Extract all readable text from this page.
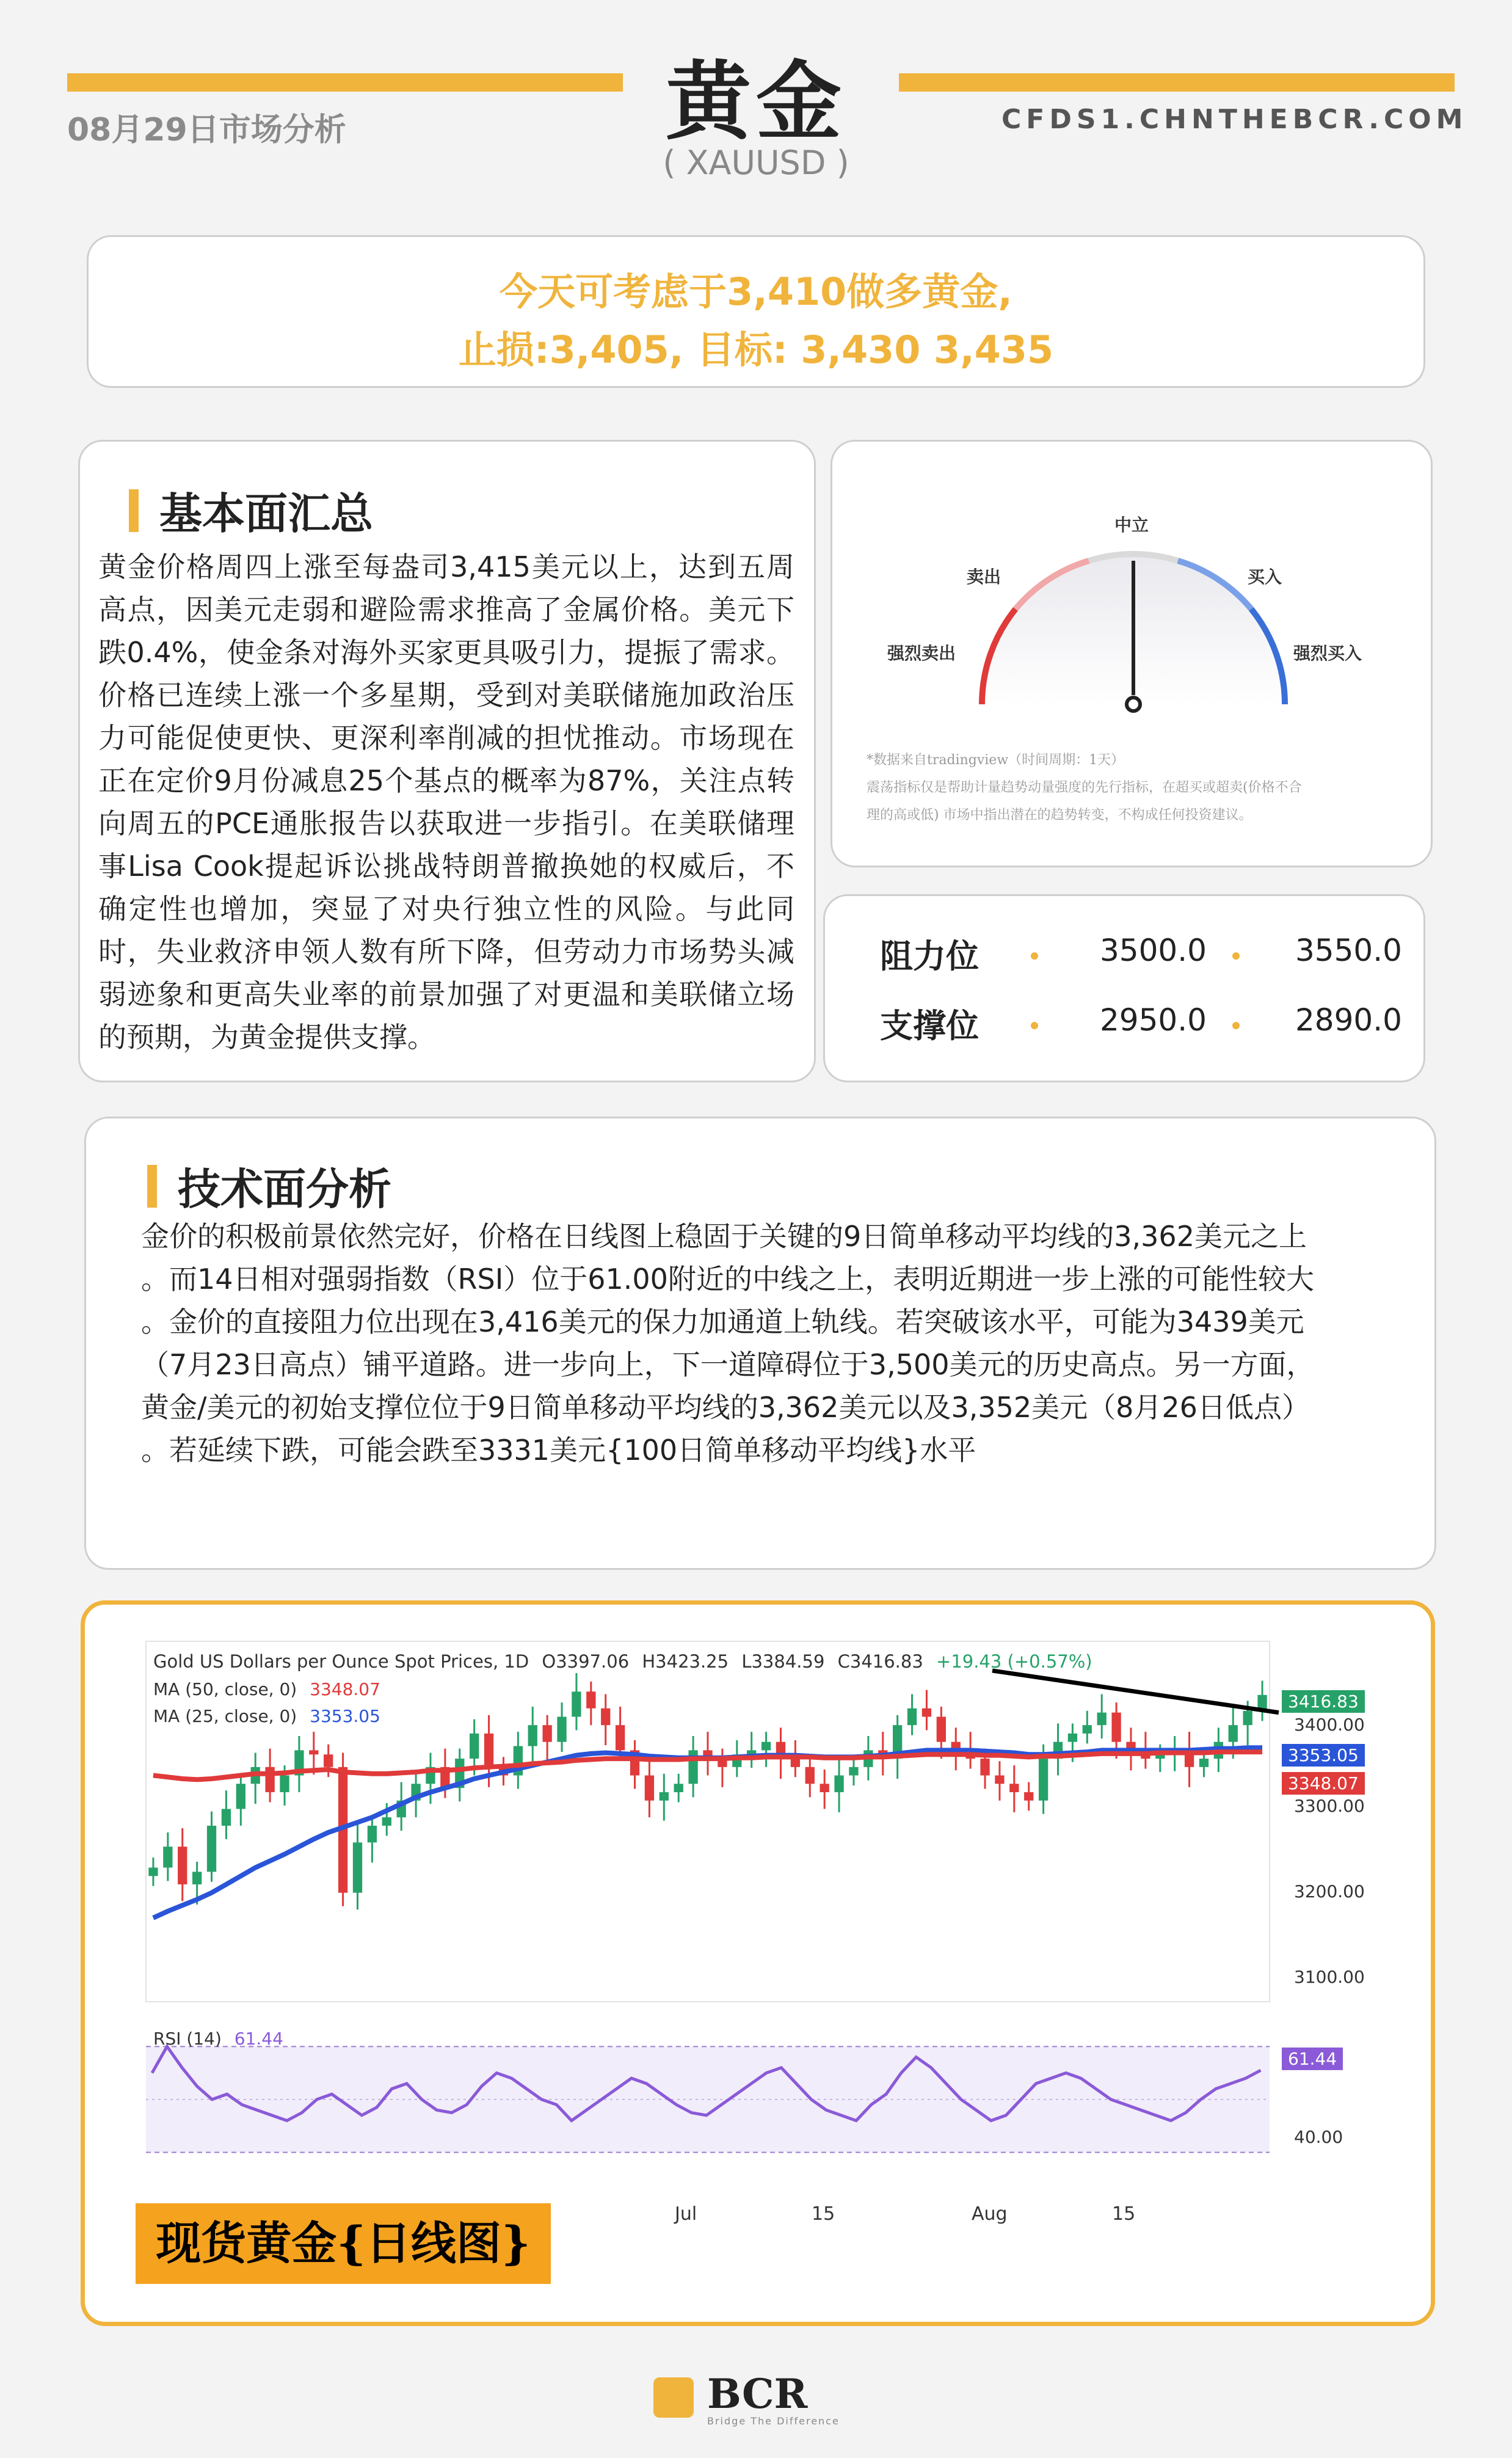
08月29日市场分析	黄金
( XAUUSD )
CFDS1.CHNTHEBCR.COM
今天可考虑于3,410做多黄金,
止损:3,405, 目标: 3,430 3,435
基本面汇总
黄金价格周四上涨至每盎司3,415美元以上，达到五周高点，因美元走弱和避险需求推高了金属价格。美元下跌0.4%，使金条对海外买家更具吸引力，提振了需求。价格已连续上涨一个多星期，受到对美联储施加政治压力可能促使更快、更深利率削减的担忧推动。市场现在正在定价9月份减息25个基点的概率为87%，关注点转向周五的PCE通胀报告以获取进一步指引。在美联储理事Lisa Cook提起诉讼挑战特朗普撤换她的权威后，不确定性也增加，突显了对央行独立性的风险。与此同时，失业救济申领人数有所下降，但劳动力市场势头减弱迹象和更高失业率的前景加强了对更温和美联储立场的预期，为黄金提供支撑。
中立
卖出	买入
强烈卖出	强烈买入
*数据来自tradingview（时间周期：1天）
震荡指标仅是帮助计量趋势动量强度的先行指标，在超买或超卖(价格不合
理的高或低) 市场中指出潜在的趋势转变，不构成任何投资建议。
阻力位	3500.0	3550.0
支撑位	2950.0	2890.0
技术面分析
金价的积极前景依然完好，价格在日线图上稳固于关键的9日简单移动平均线的3,362美元之上
。而14日相对强弱指数（RSI）位于61.00附近的中线之上，表明近期进一步上涨的可能性较大
。金价的直接阻力位出现在3,416美元的保力加通道上轨线。若突破该水平，可能为3439美元
（7月23日高点）铺平道路。进一步向上，下一道障碍位于3,500美元的历史高点。另一方面，
黄金/美元的初始支撑位位于9日简单移动平均线的3,362美元以及3,352美元（8月26日低点）
。若延续下跌，可能会跌至3331美元{100日简单移动平均线}水平
Gold US Dollars per Ounce Spot Prices, 1D O3397.06 H3423.25 L3384.59 C3416.83 +19.43 (+0.57%)
MA (50, close, 0) 3348.07
MA (25, close, 0) 3353.05
RSI (14) 61.44
3416.83
3353.05
3348.07
3400.00
3300.00
3200.00
3100.00
61.44
40.00
Jul	15	Aug	15
现货黄金{日线图}
BCR
Bridge The Difference
